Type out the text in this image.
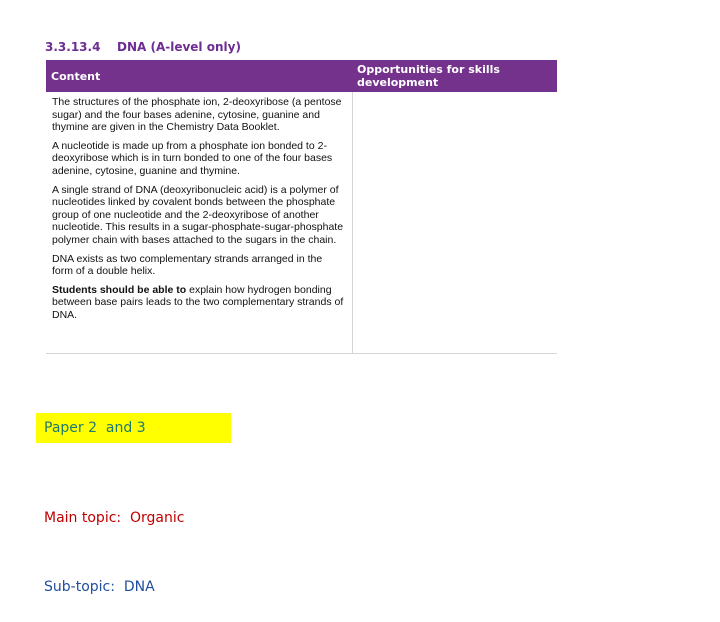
3.3.13.4	DNA (A-level only)
Content	Opportunities for skills development

The structures of the phosphate ion, 2-deoxyribose (a pentose sugar) and the four bases adenine, cytosine, guanine and thymine are given in the Chemistry Data Booklet.

A nucleotide is made up from a phosphate ion bonded to 2-deoxyribose which is in turn bonded to one of the four bases adenine, cytosine, guanine and thymine.

A single strand of DNA (deoxyribonucleic acid) is a polymer of nucleotides linked by covalent bonds between the phosphate group of one nucleotide and the 2-deoxyribose of another nucleotide. This results in a sugar-phosphate-sugar-phosphate polymer chain with bases attached to the sugars in the chain.

DNA exists as two complementary strands arranged in the form of a double helix.

Students should be able to explain how hydrogen bonding between base pairs leads to the two complementary strands of DNA.	

Paper 2  and 3

Main topic:  Organic

Sub-topic:  DNA
